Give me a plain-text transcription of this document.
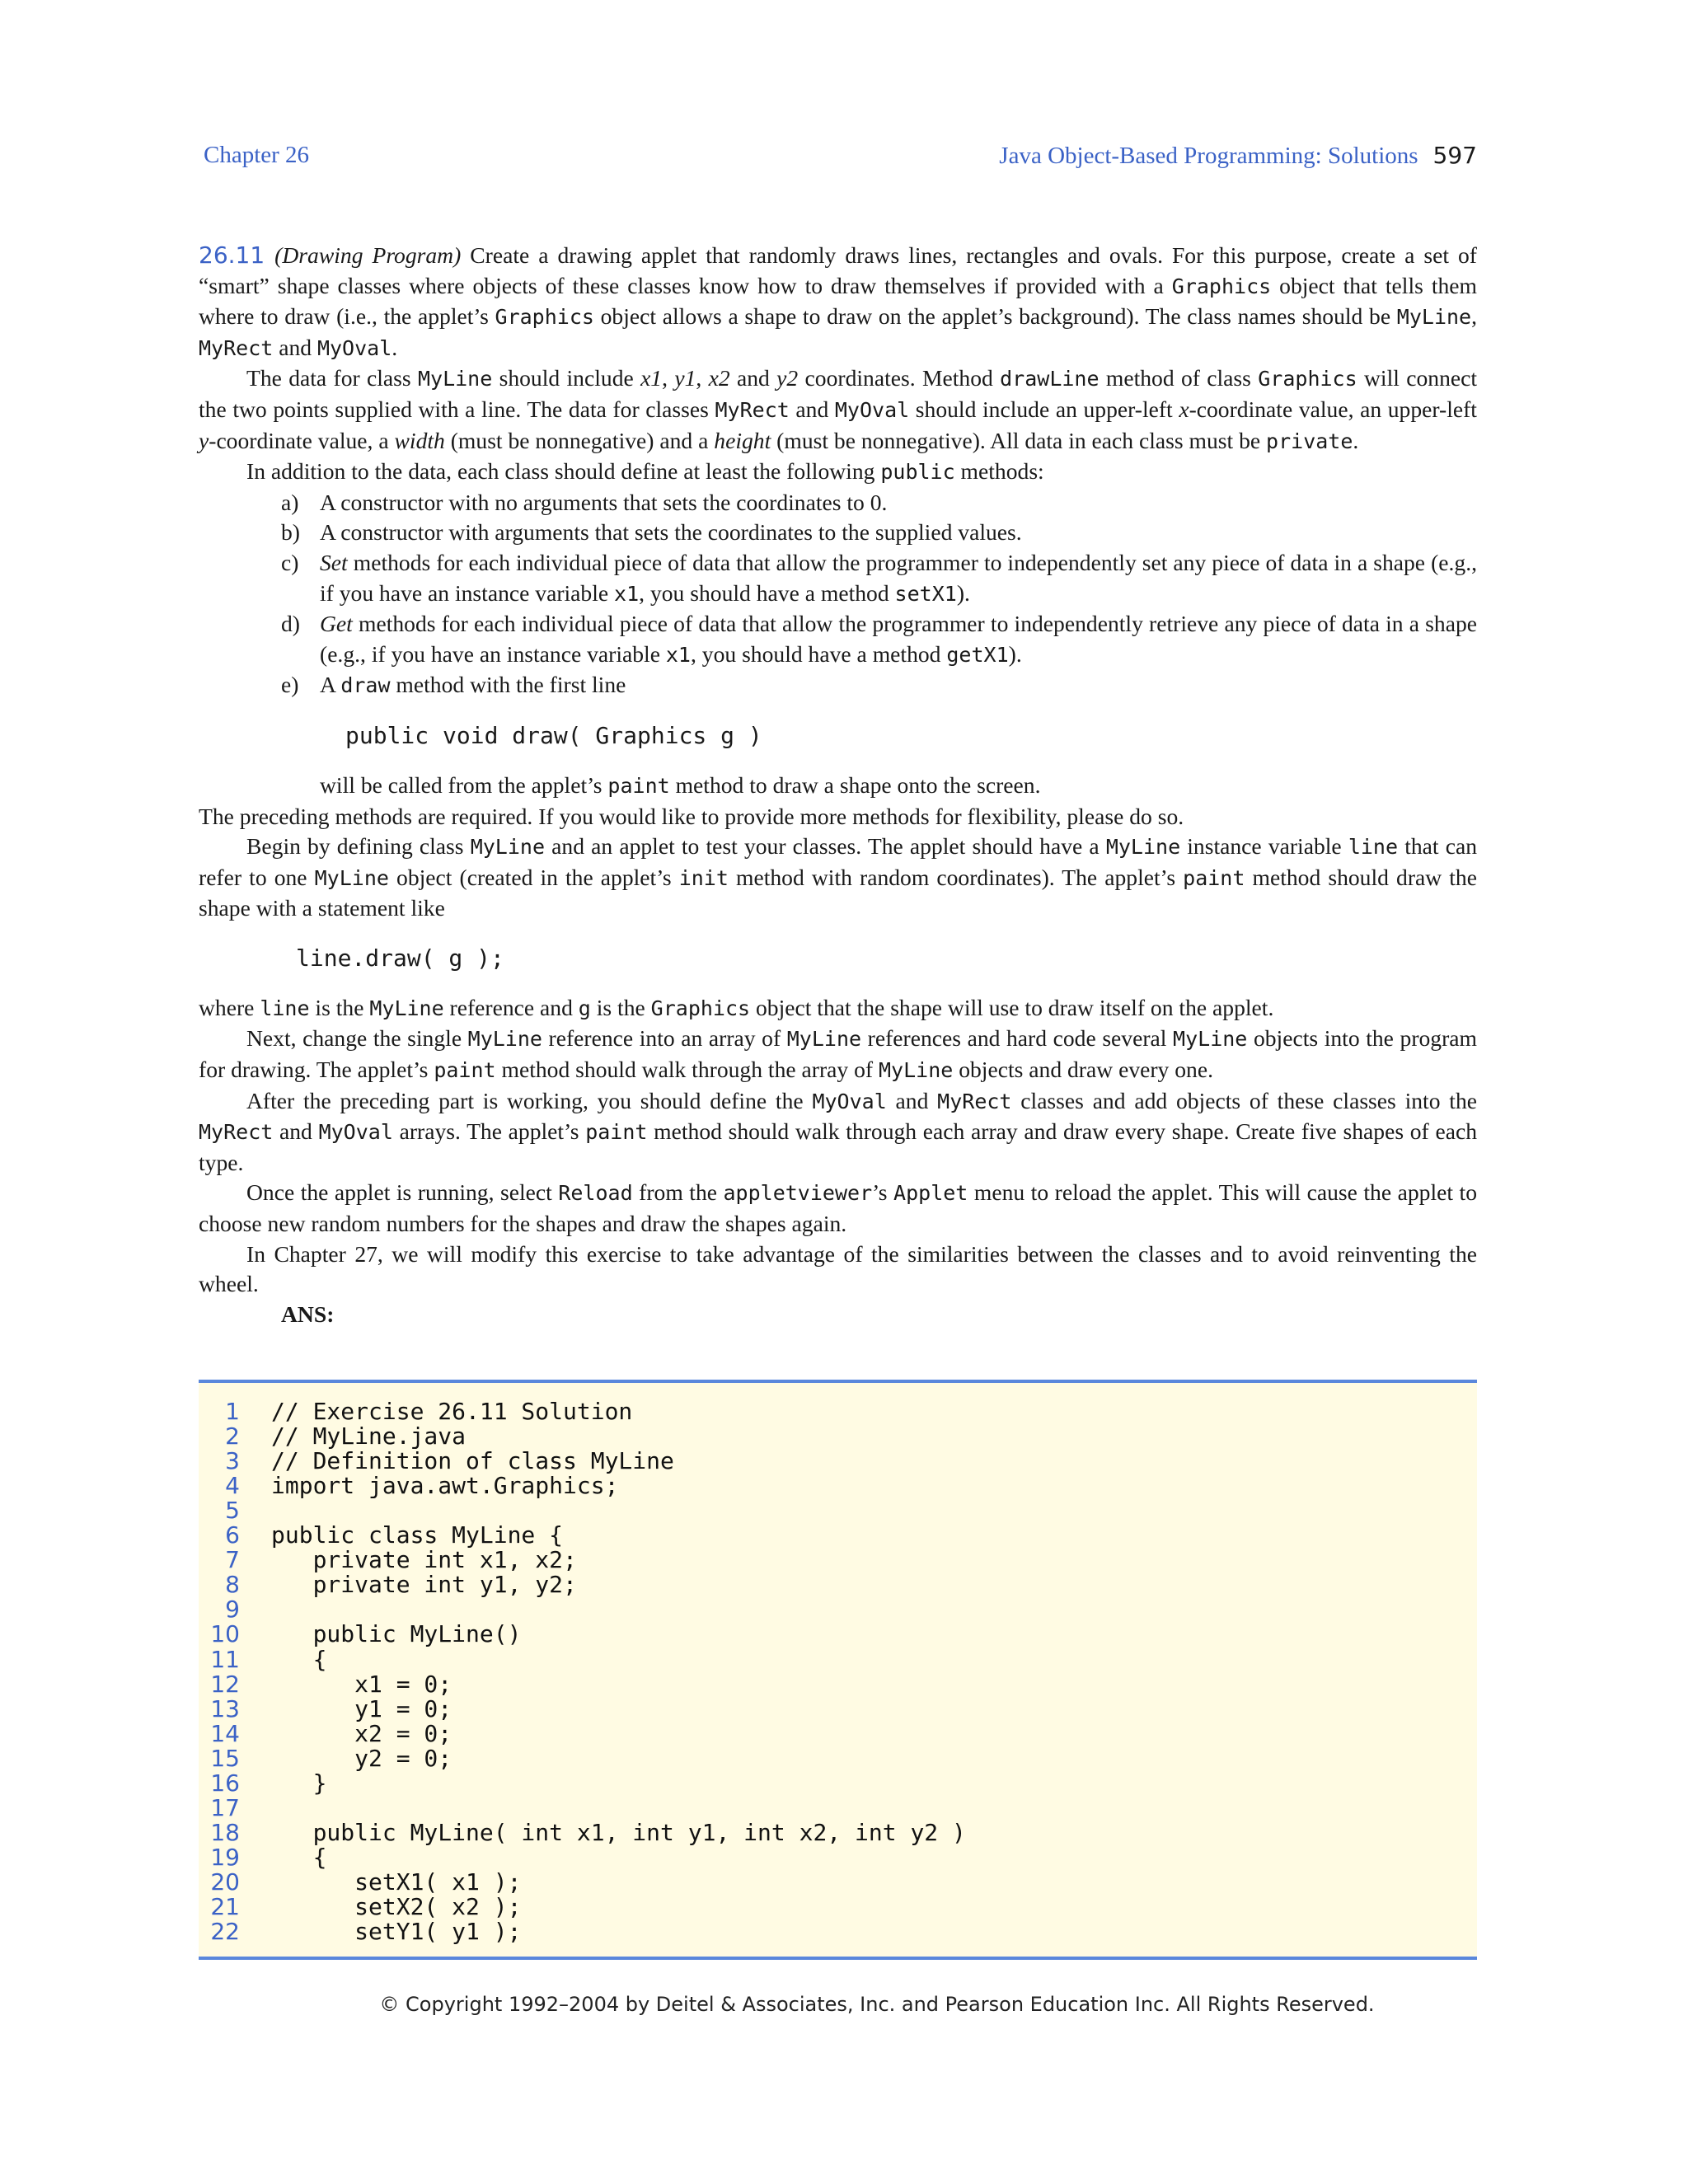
Chapter 26	Java Object-Based Programming: Solutions 597

26.11 (Drawing Program) Create a drawing applet that randomly draws lines, rectangles and ovals. For this purpose, create a set of “smart” shape classes where objects of these classes know how to draw themselves if provided with a Graphics object that tells them where to draw (i.e., the applet’s Graphics object allows a shape to draw on the applet’s background). The class names should be MyLine, MyRect and MyOval.

The data for class MyLine should include x1, y1, x2 and y2 coordinates. Method drawLine method of class Graphics will connect the two points supplied with a line. The data for classes MyRect and MyOval should include an upper-left x-coordinate value, an upper-left y-coordinate value, a width (must be nonnegative) and a height (must be nonnegative). All data in each class must be private.

In addition to the data, each class should define at least the following public methods:

a) A constructor with no arguments that sets the coordinates to 0.
b) A constructor with arguments that sets the coordinates to the supplied values.
c) Set methods for each individual piece of data that allow the programmer to independently set any piece of data in a shape (e.g., if you have an instance variable x1, you should have a method setX1).
d) Get methods for each individual piece of data that allow the programmer to independently retrieve any piece of data in a shape (e.g., if you have an instance variable x1, you should have a method getX1).
e) A draw method with the first line
public void draw( Graphics g )

will be called from the applet’s paint method to draw a shape onto the screen.

The preceding methods are required. If you would like to provide more methods for flexibility, please do so.

Begin by defining class MyLine and an applet to test your classes. The applet should have a MyLine instance variable line that can refer to one MyLine object (created in the applet’s init method with random coordinates). The applet’s paint method should draw the shape with a statement like

line.draw( g );

where line is the MyLine reference and g is the Graphics object that the shape will use to draw itself on the applet.

Next, change the single MyLine reference into an array of MyLine references and hard code several MyLine objects into the program for drawing. The applet’s paint method should walk through the array of MyLine objects and draw every one.

After the preceding part is working, you should define the MyOval and MyRect classes and add objects of these classes into the MyRect and MyOval arrays. The applet’s paint method should walk through each array and draw every shape. Create five shapes of each type.

Once the applet is running, select Reload from the appletviewer’s Applet menu to reload the applet. This will cause the applet to choose new random numbers for the shapes and draw the shapes again.

In Chapter 27, we will modify this exercise to take advantage of the similarities between the classes and to avoid reinventing the wheel.

ANS:

1 // Exercise 26.11 Solution
2 // MyLine.java
3 // Definition of class MyLine
4 import java.awt.Graphics;
5
6 public class MyLine {
7 private int x1, x2;
8 private int y1, y2;
9
10 public MyLine()
11 {
12 x1 = 0;
13 y1 = 0;
14 x2 = 0;
15 y2 = 0;
16 }
17
18 public MyLine( int x1, int y1, int x2, int y2 )
19 {
20 setX1( x1 );
21 setX2( x2 );
22 setY1( y1 );
© Copyright 1992–2004 by Deitel & Associates, Inc. and Pearson Education Inc. All Rights Reserved.
